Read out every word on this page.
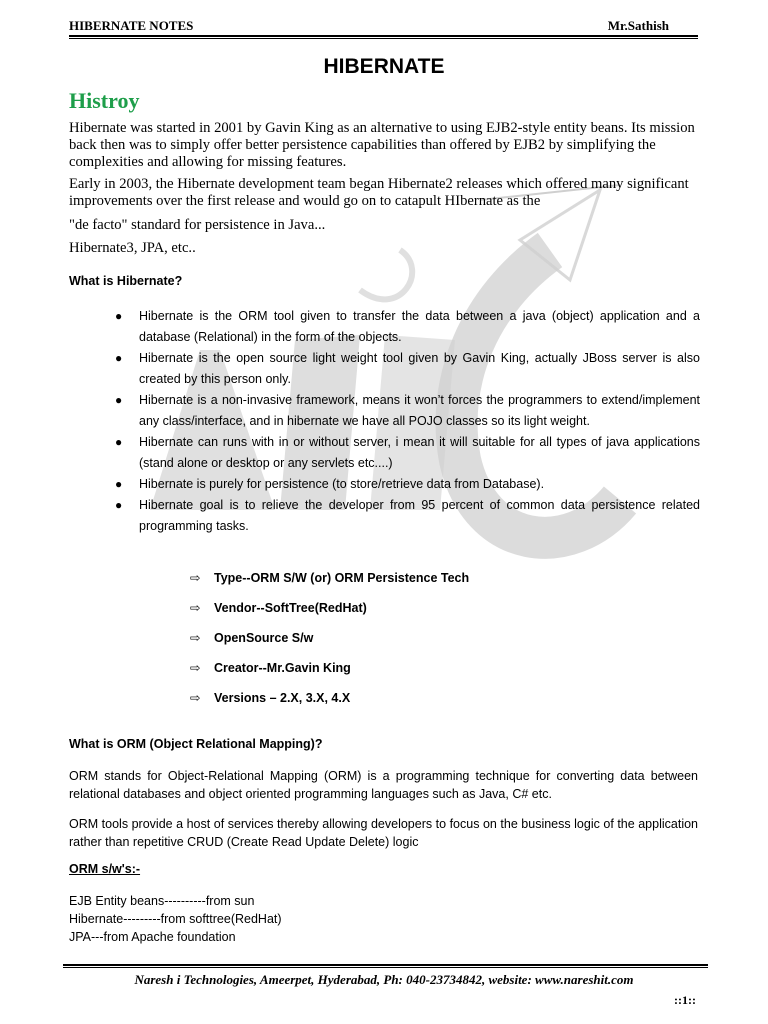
HIBERNATE NOTES	Mr.Sathish
HIBERNATE
Histroy
Hibernate was started in 2001 by Gavin King as an alternative to using EJB2-style entity beans. Its mission back then was to simply offer better persistence capabilities than offered by EJB2 by simplifying the complexities and allowing for missing features.
Early in 2003, the Hibernate development team began Hibernate2 releases which offered many significant improvements over the first release and would go on to catapult HIbernate as the
"de facto" standard for persistence in Java...
Hibernate3, JPA, etc..
What is Hibernate?
● Hibernate is the ORM tool given to transfer the data between a java (object) application and a database (Relational) in the form of the objects.
● Hibernate is the open source light weight tool given by Gavin King, actually JBoss server is also created by this person only.
● Hibernate is a non-invasive framework, means it won’t forces the programmers to extend/implement any class/interface, and in hibernate we have all POJO classes so its light weight.
● Hibernate can runs with in or without server, i mean it will suitable for all types of java applications (stand alone or desktop or any servlets etc....)
● Hibernate is purely for persistence (to store/retrieve data from Database).
● Hibernate goal is to relieve the developer from 95 percent of common data persistence related programming tasks.
⇨ Type--ORM S/W (or) ORM Persistence Tech
⇨ Vendor--SoftTree(RedHat)
⇨ OpenSource S/w
⇨ Creator--Mr.Gavin King
⇨ Versions – 2.X, 3.X, 4.X
What is ORM (Object Relational Mapping)?
ORM stands for Object-Relational Mapping (ORM) is a programming technique for converting data between relational databases and object oriented programming languages such as Java, C# etc.
ORM tools provide a host of services thereby allowing developers to focus on the business logic of the application rather than repetitive CRUD (Create Read Update Delete) logic
ORM s/w's:-
EJB Entity beans----------from sun
Hibernate---------from softtree(RedHat)
JPA---from Apache foundation
Naresh i Technologies, Ameerpet, Hyderabad, Ph: 040-23734842, website: www.nareshit.com
::1::
